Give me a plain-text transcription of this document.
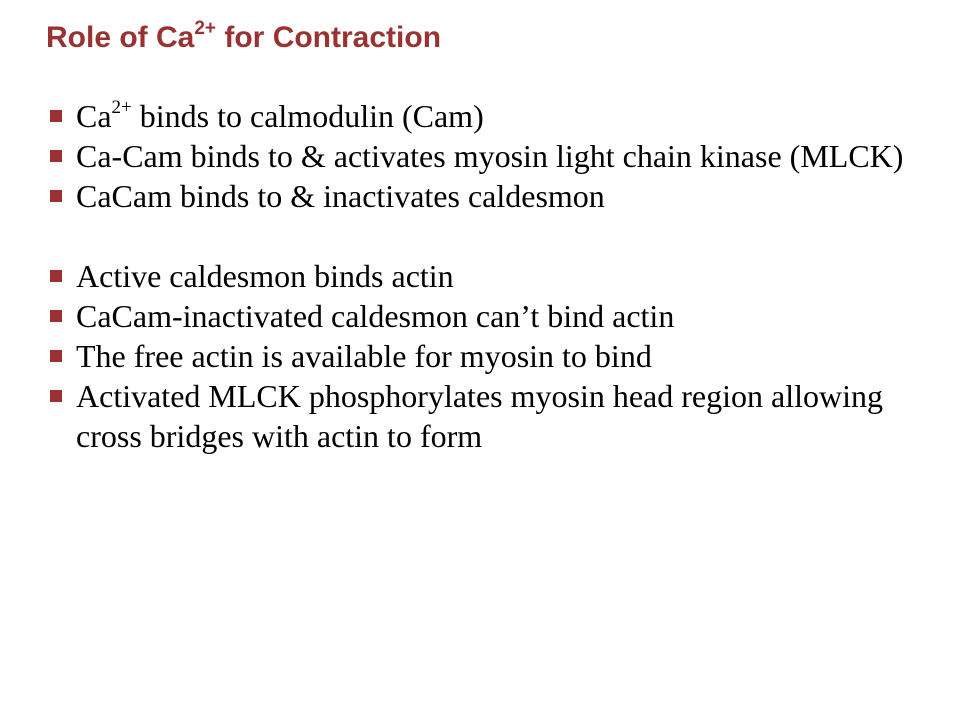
Role of $Ca^{2+}$ for Contraction
$Ca^{2+}$ binds to calmodulin (Cam)
Ca-Cam binds to & activates myosin light chain kinase (MLCK)
CaCam binds to & inactivates caldesmon
Active caldesmon binds actin
CaCam-inactivated caldesmon can’t bind actin
The free actin is available for myosin to bind
Activated MLCK phosphorylates myosin head region allowing cross bridges with actin to form
